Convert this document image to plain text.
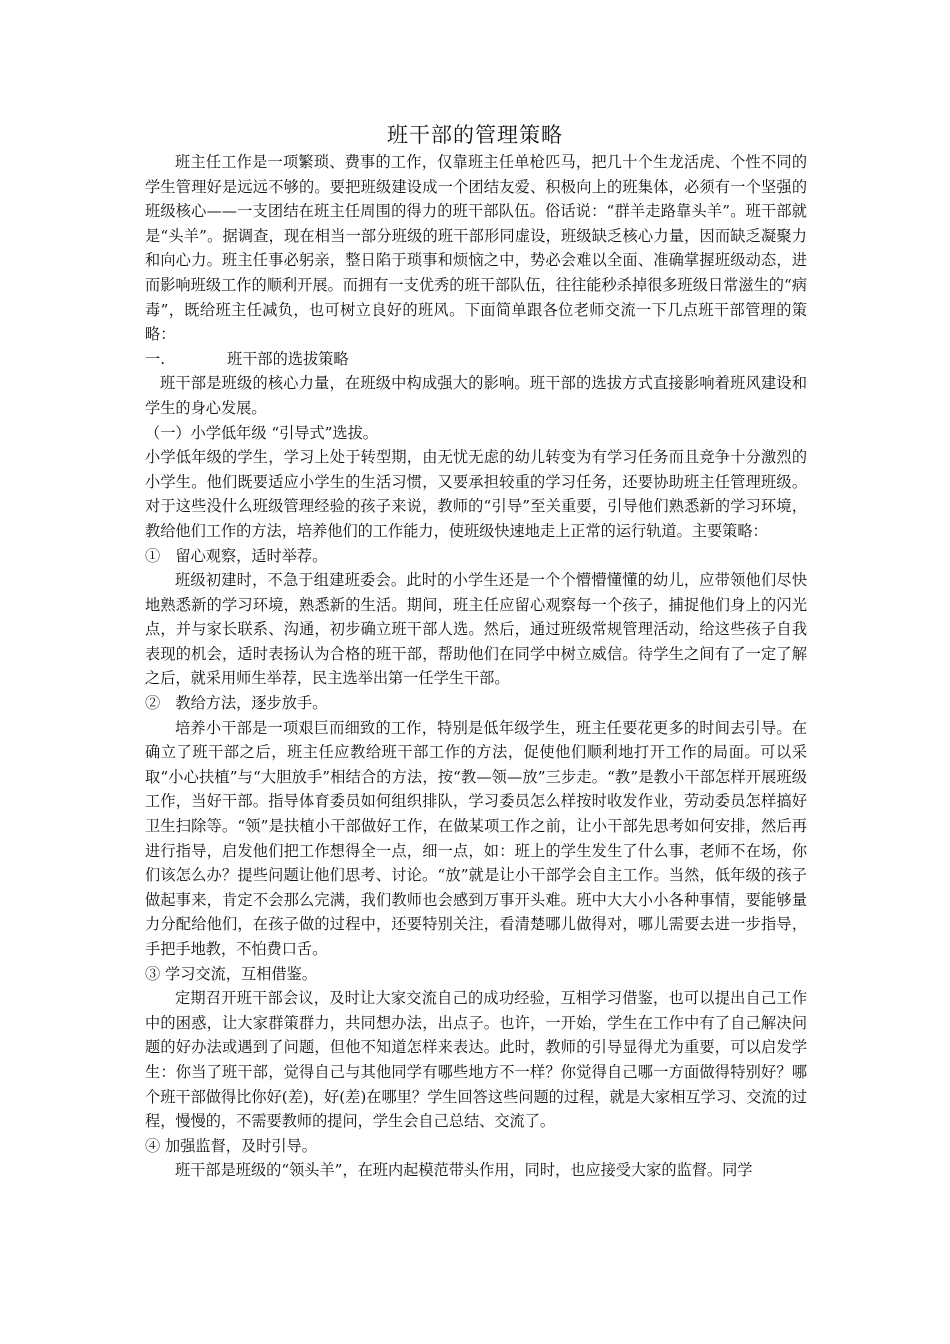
班干部的管理策略

班主任工作是一项繁琐、费事的工作，仅靠班主任单枪匹马，把几十个生龙活虎、个性不同的学生管理好是远远不够的。要把班级建设成一个团结友爱、积极向上的班集体，必须有一个坚强的班级核心——一支团结在班主任周围的得力的班干部队伍。俗话说：“群羊走路靠头羊”。班干部就是“头羊”。据调查，现在相当一部分班级的班干部形同虚设，班级缺乏核心力量，因而缺乏凝聚力和向心力。班主任事必躬亲，整日陷于琐事和烦恼之中，势必会难以全面、准确掌握班级动态，进而影响班级工作的顺利开展。而拥有一支优秀的班干部队伍，往往能秒杀掉很多班级日常滋生的“病毒”，既给班主任减负，也可树立良好的班风。下面简单跟各位老师交流一下几点班干部管理的策略：

一.	班干部的选拔策略

班干部是班级的核心力量，在班级中构成强大的影响。班干部的选拔方式直接影响着班风建设和学生的身心发展。

（一）小学低年级 “引导式”选拔。

小学低年级的学生，学习上处于转型期，由无忧无虑的幼儿转变为有学习任务而且竞争十分激烈的小学生。他们既要适应小学生的生活习惯，又要承担较重的学习任务，还要协助班主任管理班级。对于这些没什么班级管理经验的孩子来说，教师的“引导”至关重要，引导他们熟悉新的学习环境，教给他们工作的方法，培养他们的工作能力，使班级快速地走上正常的运行轨道。主要策略：

①　留心观察，适时举荐。

班级初建时，不急于组建班委会。此时的小学生还是一个个懵懵懂懂的幼儿，应带领他们尽快地熟悉新的学习环境，熟悉新的生活。期间，班主任应留心观察每一个孩子，捕捉他们身上的闪光点，并与家长联系、沟通，初步确立班干部人选。然后，通过班级常规管理活动，给这些孩子自我表现的机会，适时表扬认为合格的班干部，帮助他们在同学中树立威信。待学生之间有了一定了解之后，就采用师生举荐，民主选举出第一任学生干部。

②　教给方法，逐步放手。

培养小干部是一项艰巨而细致的工作，特别是低年级学生，班主任要花更多的时间去引导。在确立了班干部之后，班主任应教给班干部工作的方法，促使他们顺利地打开工作的局面。可以采取“小心扶植”与“大胆放手”相结合的方法，按“教—领—放”三步走。“教”是教小干部怎样开展班级工作，当好干部。指导体育委员如何组织排队，学习委员怎么样按时收发作业，劳动委员怎样搞好卫生扫除等。“领”是扶植小干部做好工作，在做某项工作之前，让小干部先思考如何安排，然后再进行指导，启发他们把工作想得全一点，细一点，如：班上的学生发生了什么事，老师不在场，你们该怎么办？提些问题让他们思考、讨论。“放”就是让小干部学会自主工作。当然，低年级的孩子做起事来，肯定不会那么完满，我们教师也会感到万事开头难。班中大大小小各种事情，要能够量力分配给他们，在孩子做的过程中，还要特别关注，看清楚哪儿做得对，哪儿需要去进一步指导，手把手地教，不怕费口舌。

③ 学习交流，互相借鉴。

定期召开班干部会议，及时让大家交流自己的成功经验，互相学习借鉴，也可以提出自己工作中的困惑，让大家群策群力，共同想办法，出点子。也许，一开始，学生在工作中有了自己解决问题的好办法或遇到了问题，但他不知道怎样来表达。此时，教师的引导显得尤为重要，可以启发学生：你当了班干部，觉得自己与其他同学有哪些地方不一样？你觉得自己哪一方面做得特别好？哪个班干部做得比你好(差)，好(差)在哪里？学生回答这些问题的过程，就是大家相互学习、交流的过程，慢慢的，不需要教师的提问，学生会自己总结、交流了。

④ 加强监督，及时引导。

班干部是班级的“领头羊”，在班内起模范带头作用，同时，也应接受大家的监督。同学
